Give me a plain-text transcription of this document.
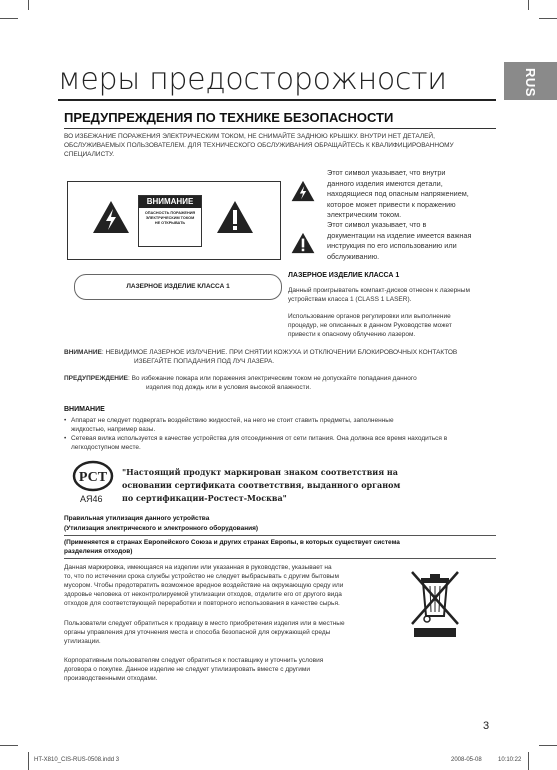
RUS
меры предосторожности
ПРЕДУПРЕЖДЕНИЯ ПО ТЕХНИКЕ БЕЗОПАСНОСТИ
ВО ИЗБЕЖАНИЕ ПОРАЖЕНИЯ ЭЛЕКТРИЧЕСКИМ ТОКОМ, НЕ СНИМАЙТЕ ЗАДНЮЮ КРЫШКУ. ВНУТРИ НЕТ ДЕТАЛЕЙ,
ОБСЛУЖИВАЕМЫХ ПОЛЬЗОВАТЕЛЕМ. ДЛЯ ТЕХНИЧЕСКОГО ОБСЛУЖИВАНИЯ ОБРАЩАЙТЕСЬ К КВАЛИФИЦИРОВАННОМУ
СПЕЦИАЛИСТУ.
ВНИМАНИЕ
ОПАСНОСТЬ ПОРАЖЕНИЯ
ЭЛЕКТРИЧЕСКИМ ТОКОМ
НЕ ОТКРЫВАТЬ
Этот символ указывает, что внутри
данного изделия имеются детали,
находящиеся под опасным напряжением,
которое может привести к поражению
электрическим током.
Этот символ указывает, что в
документации на изделие имеется важная
инструкция по его использованию или
обслуживанию.
ЛАЗЕРНОЕ ИЗДЕЛИЕ КЛАССА 1
ЛАЗЕРНОЕ ИЗДЕЛИЕ КЛАССА 1
Данный проигрыватель компакт-дисков отнесен к лазерным
устройствам класса 1 (CLASS 1 LASER).
Использование органов регулировки или выполнение
процедур, не описанных в данном Руководстве может
привести к опасному облучению лазером.
ВНИМАНИЕ: НЕВИДИМОЕ ЛАЗЕРНОЕ ИЗЛУЧЕНИЕ. ПРИ СНЯТИИ КОЖУХА И ОТКЛЮЧЕНИИ БЛОКИРОВОЧНЫХ КОНТАКТОВ
ИЗБЕГАЙТЕ ПОПАДАНИЯ ПОД ЛУЧ ЛАЗЕРА.
ПРЕДУПРЕЖДЕНИЕ: Во избежание пожара или поражения электрическим током не допускайте попадания данного
изделия под дождь или в условия высокой влажности.
ВНИМАНИЕ
• Аппарат не следует подвергать воздействию жидкостей, на него не стоит ставить предметы, заполненные
жидкостью, например вазы.
• Сетевая вилка используется в качестве устройства для отсоединения от сети питания. Она должна все время находиться в
легкодоступном месте.
РСТ
АЯ46
"Настоящий продукт маркирован знаком соответствия на
основании сертификата соответствия, выданного органом
по сертификации-Ростест-Москва"
Правильная утилизация данного устройства
(Утилизация электрического и электронного оборудования)
(Применяется в странах Европейского Союза и других странах Европы, в которых существует система
разделения отходов)
Данная маркировка, имеющаяся на изделии или указанная в руководстве, указывает на
то, что по истечении срока службы устройство не следует выбрасывать с другим бытовым
мусором. Чтобы предотвратить возможное вредное воздействие на окружающую среду или
здоровье человека от неконтролируемой утилизации отходов, отделите его от другого вида
отходов для соответствующей переработки и повторного использования в качестве сырья.
Пользователи следует обратиться к продавцу в место приобретения изделия или в местные
органы управления для уточнения места и способа безопасной для окружающей среды
утилизации.
Корпоративным пользователям следует обратиться к поставщику и уточнить условия
договора о покупке. Данное изделие не следует утилизировать вместе с другими
производственными отходами.
3
HT-X810_CIS-RUS-0508.indd 3	2008-05-08	10:10:22
